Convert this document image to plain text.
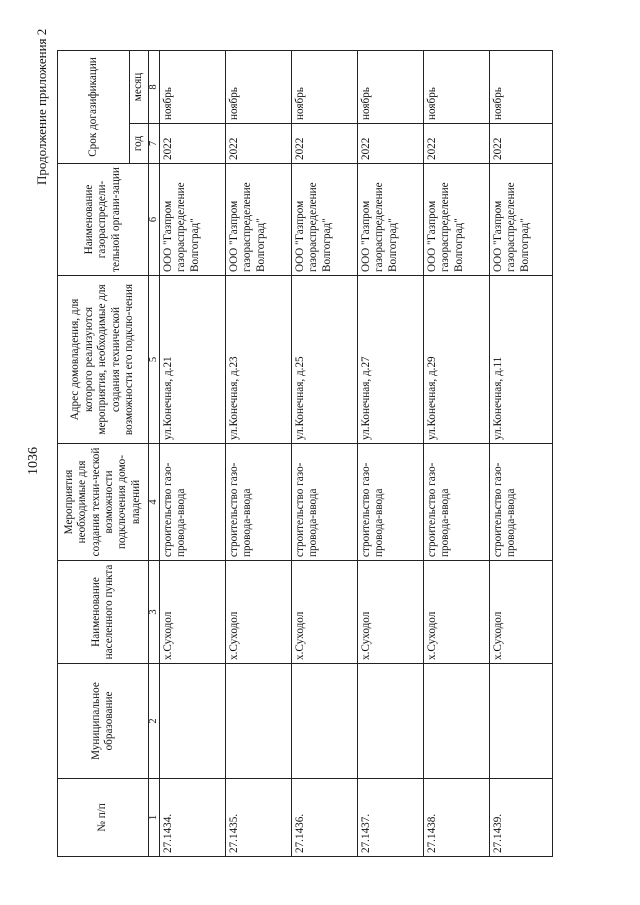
1036
Продолжение приложения 2
№ п/п	Муниципальное образование	Наименование населенного пункта	Мероприятия необходимые для создания техни-ческой возможности подключения домо-владений	Адрес домовладения, для которого реализуются мероприятия, необходимые для создания технической возможности его подклю-чения	Наименование газораспредели-тельной органи-зации	Срок догазификации	
						год	месяц
1	2	3	4	5	6	7	8
27.1434.		х.Суходол	строительство газо-провода-ввода	ул.Конечная, д.21	ООО "Газпром газораспределение Волгоград"	2022	ноябрь
27.1435.		х.Суходол	строительство газо-провода-ввода	ул.Конечная, д.23	ООО "Газпром газораспределение Волгоград"	2022	ноябрь
27.1436.		х.Суходол	строительство газо-провода-ввода	ул.Конечная, д.25	ООО "Газпром газораспределение Волгоград"	2022	ноябрь
27.1437.		х.Суходол	строительство газо-провода-ввода	ул.Конечная, д.27	ООО "Газпром газораспределение Волгоград"	2022	ноябрь
27.1438.		х.Суходол	строительство газо-провода-ввода	ул.Конечная, д.29	ООО "Газпром газораспределение Волгоград"	2022	ноябрь
27.1439.		х.Суходол	строительство газо-провода-ввода	ул.Конечная, д.11	ООО "Газпром газораспределение Волгоград"	2022	ноябрь
